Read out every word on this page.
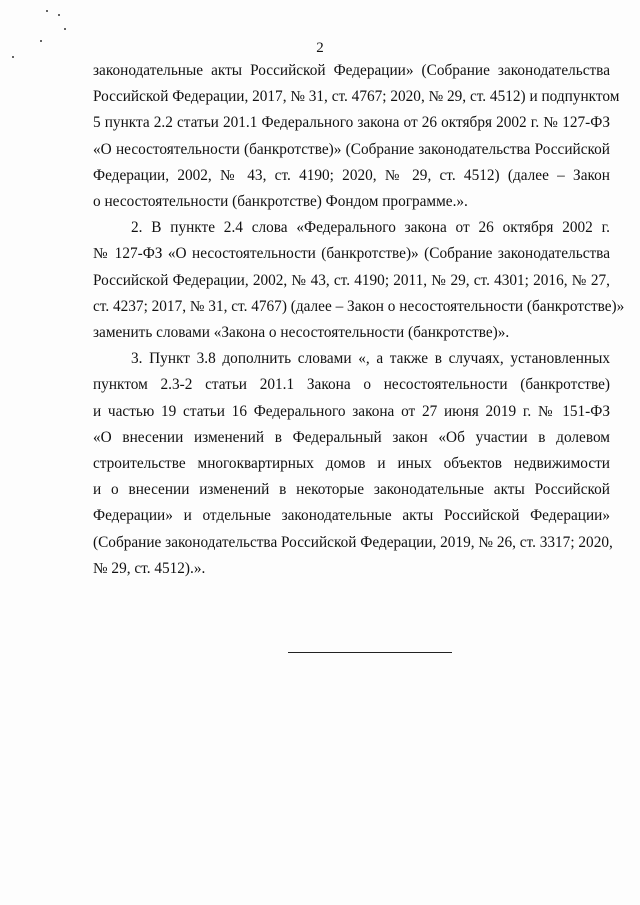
2

законодательные акты Российской Федерации» (Собрание законодательства
Российской Федерации, 2017, № 31, ст. 4767; 2020, № 29, ст. 4512) и подпунктом
5 пункта 2.2 статьи 201.1 Федерального закона от 26 октября 2002 г. № 127-ФЗ
«О несостоятельности (банкротстве)» (Собрание законодательства Российской
Федерации, 2002, № 43, ст. 4190; 2020, № 29, ст. 4512) (далее – Закон
о несостоятельности (банкротстве) Фондом программе.».

2. В пункте 2.4 слова «Федерального закона от 26 октября 2002 г.
№ 127-ФЗ «О несостоятельности (банкротстве)» (Собрание законодательства
Российской Федерации, 2002, № 43, ст. 4190; 2011, № 29, ст. 4301; 2016, № 27,
ст. 4237; 2017, № 31, ст. 4767) (далее – Закон о несостоятельности (банкротстве)»
заменить словами «Закона о несостоятельности (банкротстве)».

3. Пункт 3.8 дополнить словами «, а также в случаях, установленных
пунктом 2.3-2 статьи 201.1 Закона о несостоятельности (банкротстве)
и частью 19 статьи 16 Федерального закона от 27 июня 2019 г. № 151-ФЗ
«О внесении изменений в Федеральный закон «Об участии в долевом
строительстве многоквартирных домов и иных объектов недвижимости
и о внесении изменений в некоторые законодательные акты Российской
Федерации» и отдельные законодательные акты Российской Федерации»
(Собрание законодательства Российской Федерации, 2019, № 26, ст. 3317; 2020,
№ 29, ст. 4512).».
